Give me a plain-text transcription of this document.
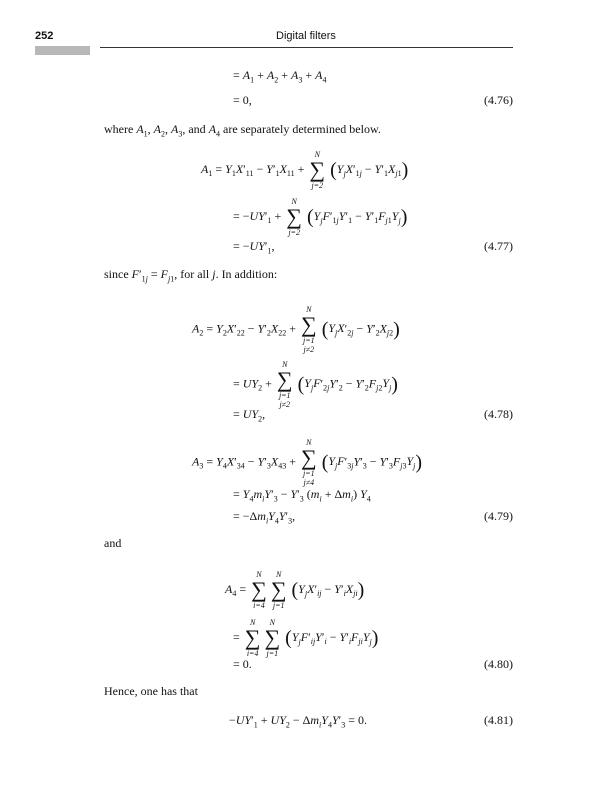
252	Digital filters
= $A_1 + A_2 + A_3 + A_4$
= 0,	(4.76)
where $A_1$, $A_2$, $A_3$, and $A_4$ are separately determined below.
$A_1 = Y_1X'_{11} - Y'_1X_{11}$ +
N
∑
j=2
$(Y_jX'_{1j} - Y'_1X_{j1})$
= $-UY'_1$ +
N
∑
j=2
$(Y_jF'_{1j}Y'_1 - Y'_1F_{j1}Y_j)$
= $-UY'_1$,	(4.77)
since $F'_{1j} = F_{j1}$, for all j. In addition:
$A_2 = Y_2X'_{22} - Y'_2X_{22}$ +
N
∑
j=1
j≠2
$(Y_jX'_{2j} - Y'_2X_{j2})$
= $UY_2$ +
N
∑
j=1
j≠2
$(Y_jF'_{2j}Y'_2 - Y'_2F_{j2}Y_j)$
= $UY_2$,	(4.78)
$A_3 = Y_4X'_{34} - Y'_3X_{43}$ +
N
∑
j=1
j≠4
$(Y_jF'_{3j}Y'_3 - Y'_3F_{j3}Y_j)$
= $Y_4m_iY'_3 - Y'_3$ $(m_i + \Delta m_i)$ $Y_4$
= $-\Delta m_iY_4Y'_3$,	(4.79)
and
$A_4$ =
N
∑
i=4
N
∑
j=1
$(Y_jX'_{ij} - Y'_iX_{ji})$
=
N
∑
i=4
N
∑
j=1
$(Y_jF'_{ij}Y'_i - Y'_iF_{ji}Y_j)$
= 0.	(4.80)
Hence, one has that
$-UY'_1 + UY_2 - \Delta m_iY_4Y'_3 = 0$.	(4.81)
